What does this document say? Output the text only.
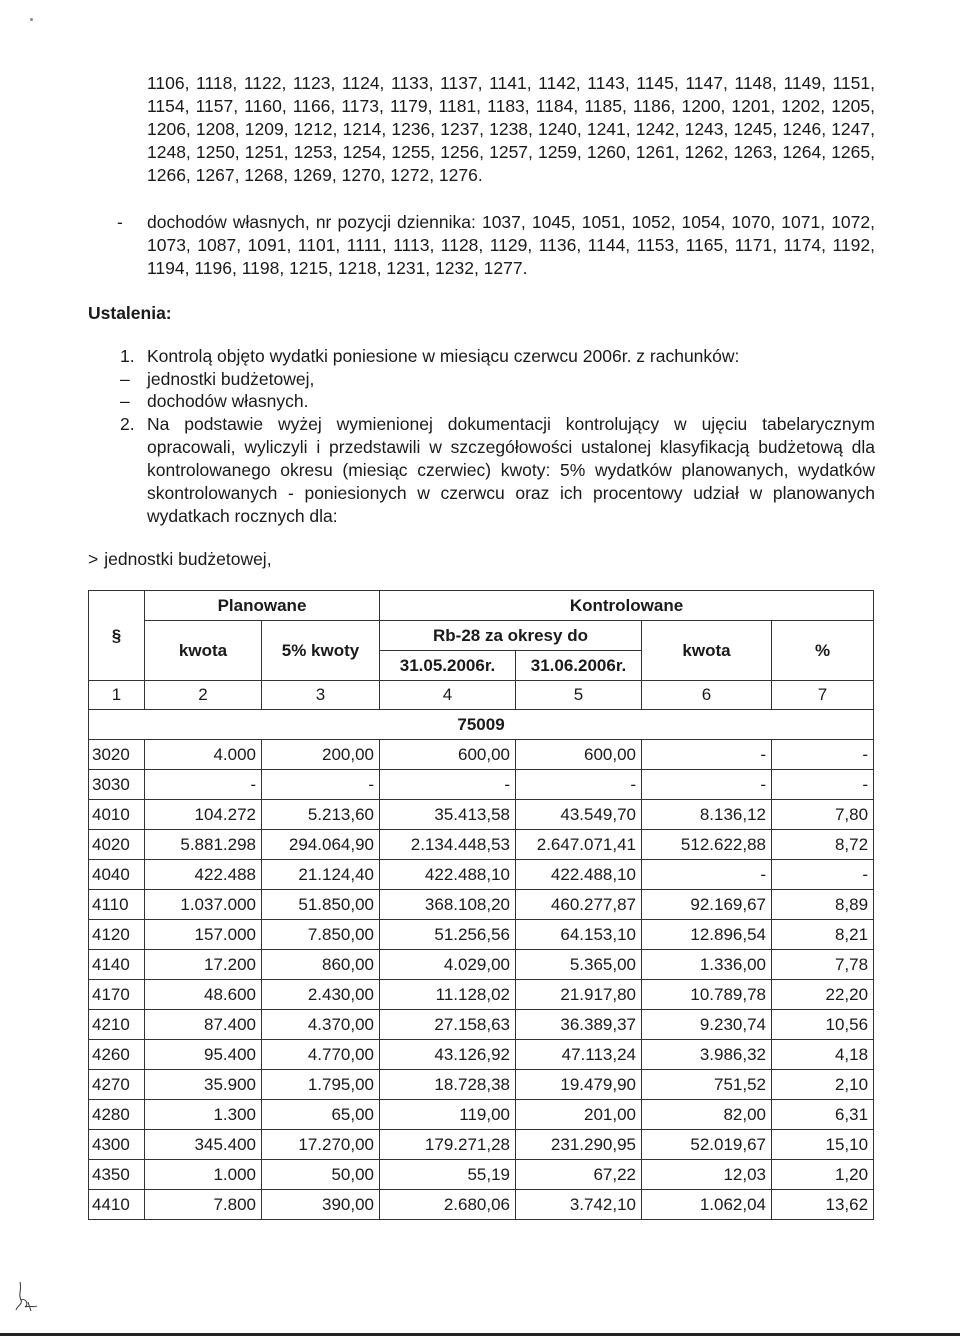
1106, 1118, 1122, 1123, 1124, 1133, 1137, 1141, 1142, 1143, 1145, 1147, 1148, 1149, 1151, 1154, 1157, 1160, 1166, 1173, 1179, 1181, 1183, 1184, 1185, 1186, 1200, 1201, 1202, 1205, 1206, 1208, 1209, 1212, 1214, 1236, 1237, 1238, 1240, 1241, 1242, 1243, 1245, 1246, 1247, 1248, 1250, 1251, 1253, 1254, 1255, 1256, 1257, 1259, 1260, 1261, 1262, 1263, 1264, 1265, 1266, 1267, 1268, 1269, 1270, 1272, 1276.
- dochodów własnych, nr pozycji dziennika: 1037, 1045, 1051, 1052, 1054, 1070, 1071, 1072, 1073, 1087, 1091, 1101, 1111, 1113, 1128, 1129, 1136, 1144, 1153, 1165, 1171, 1174, 1192, 1194, 1196, 1198, 1215, 1218, 1231, 1232, 1277.

Ustalenia:
1. Kontrolą objęto wydatki poniesione w miesiącu czerwcu 2006r. z rachunków:
– jednostki budżetowej,
– dochodów własnych.
2. Na podstawie wyżej wymienionej dokumentacji kontrolujący w ujęciu tabelarycznym opracowali, wyliczyli i przedstawili w szczegółowości ustalonej klasyfikacją budżetową dla kontrolowanego okresu (miesiąc czerwiec) kwoty: 5% wydatków planowanych, wydatków skontrolowanych - poniesionych w czerwcu oraz ich procentowy udział w planowanych wydatkach rocznych dla:
> jednostki budżetowej,
§	Planowane		Kontrolowane			
	kwota	5% kwoty	Rb-28 za okresy do		kwota	%
			31.05.2006r.	31.06.2006r.		
1	2	3	4	5	6	7
75009						
3020	4.000	200,00	600,00	600,00	-	-
3030	-	-	-	-	-	-
4010	104.272	5.213,60	35.413,58	43.549,70	8.136,12	7,80
4020	5.881.298	294.064,90	2.134.448,53	2.647.071,41	512.622,88	8,72
4040	422.488	21.124,40	422.488,10	422.488,10	-	-
4110	1.037.000	51.850,00	368.108,20	460.277,87	92.169,67	8,89
4120	157.000	7.850,00	51.256,56	64.153,10	12.896,54	8,21
4140	17.200	860,00	4.029,00	5.365,00	1.336,00	7,78
4170	48.600	2.430,00	11.128,02	21.917,80	10.789,78	22,20
4210	87.400	4.370,00	27.158,63	36.389,37	9.230,74	10,56
4260	95.400	4.770,00	43.126,92	47.113,24	3.986,32	4,18
4270	35.900	1.795,00	18.728,38	19.479,90	751,52	2,10
4280	1.300	65,00	119,00	201,00	82,00	6,31
4300	345.400	17.270,00	179.271,28	231.290,95	52.019,67	15,10
4350	1.000	50,00	55,19	67,22	12,03	1,20
4410	7.800	390,00	2.680,06	3.742,10	1.062,04	13,62
